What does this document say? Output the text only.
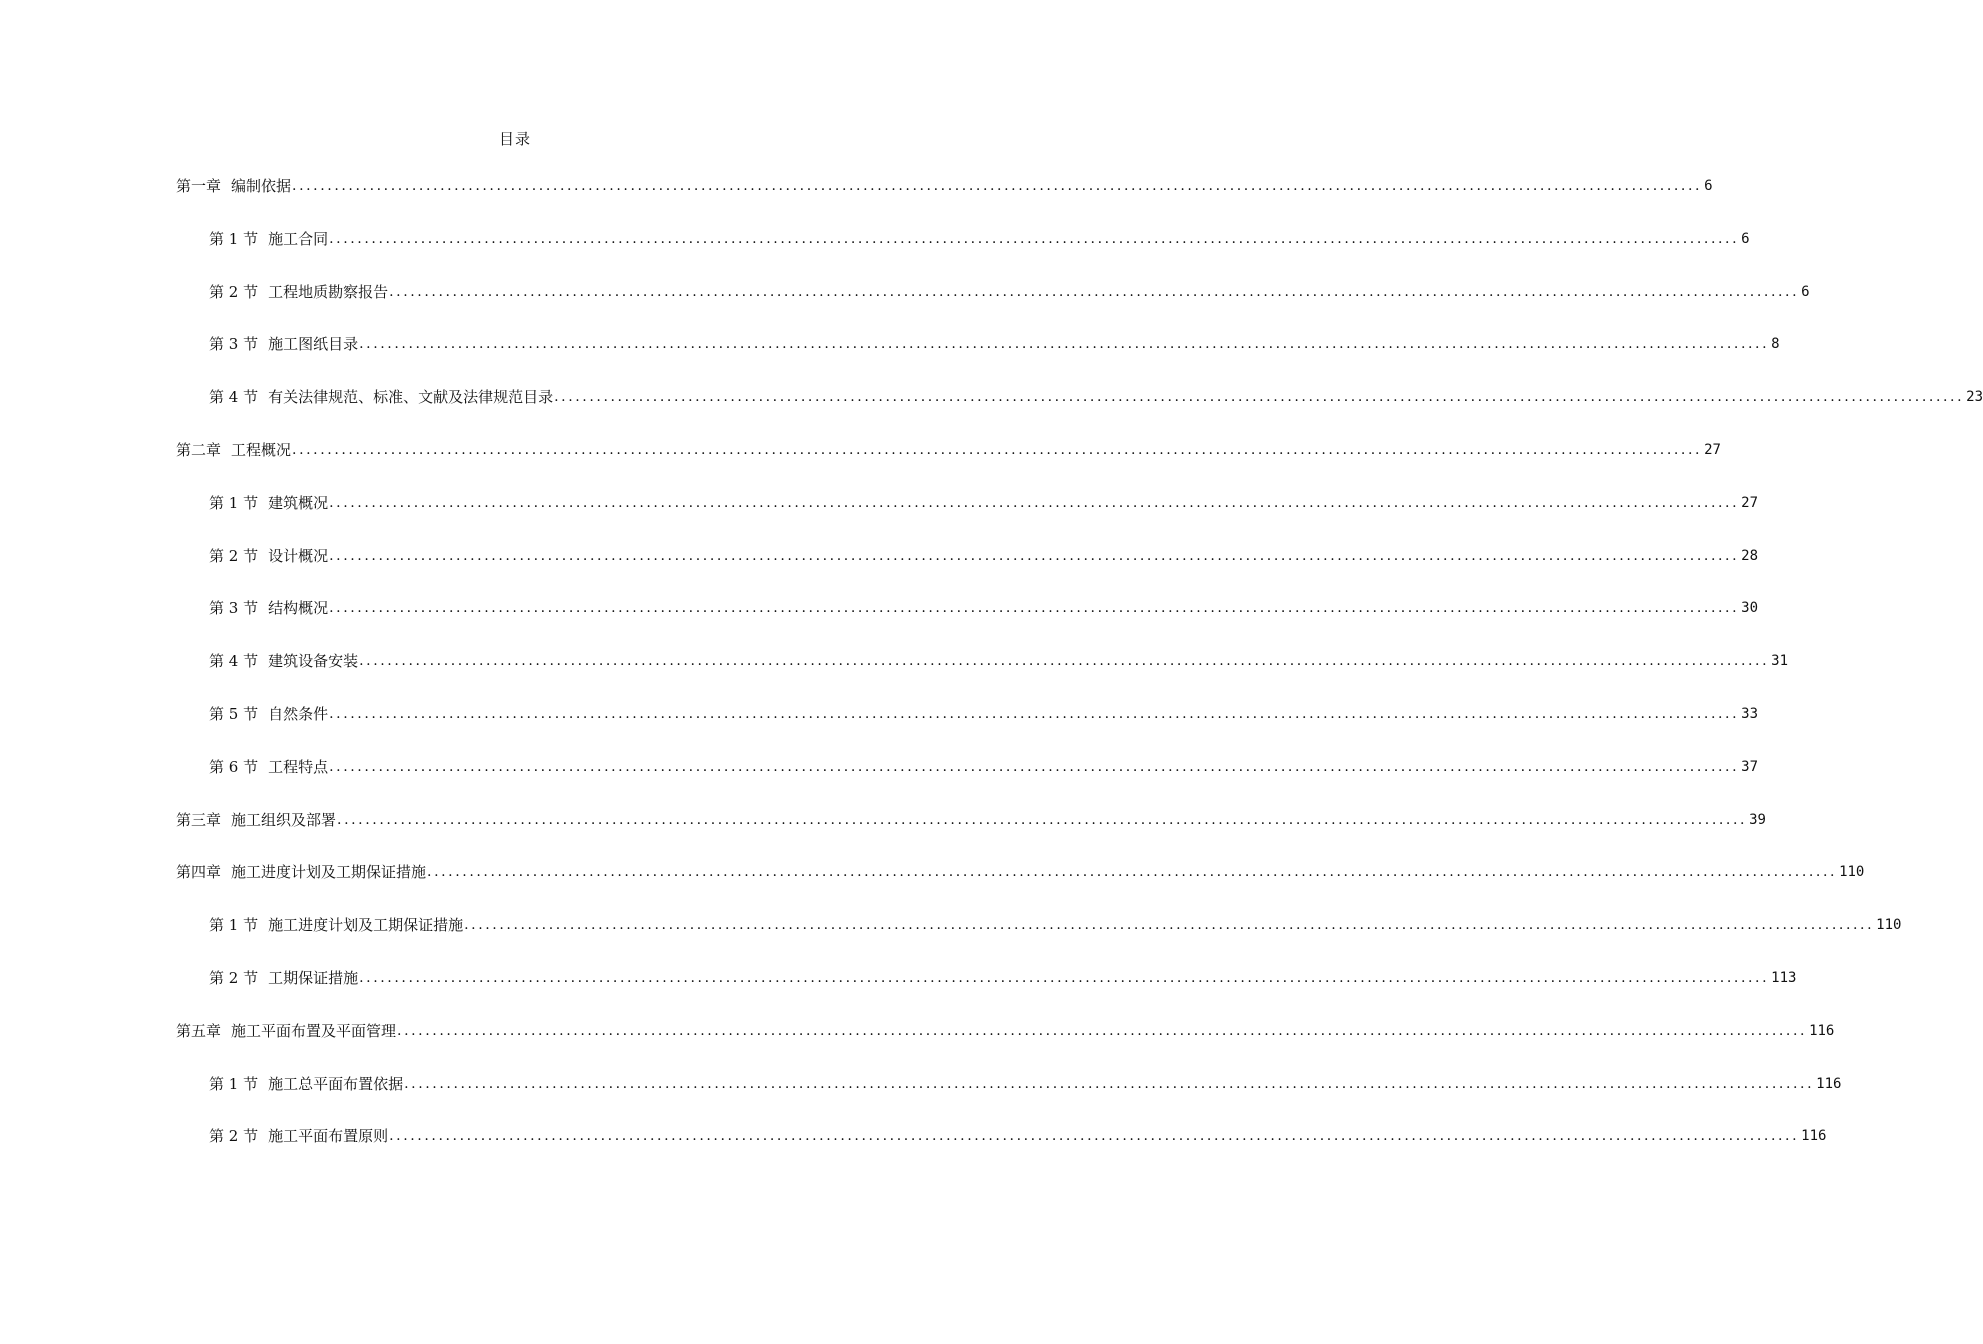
目录
第一章 编制依据 ........................................................................................................................................................................................................ 6
第 1 节 施工合同 ........................................................................................................................................................................................................ 6
第 2 节 工程地质勘察报告 ........................................................................................................................................................................................................ 6
第 3 节 施工图纸目录 ........................................................................................................................................................................................................ 8
第 4 节 有关法律规范、标准、文献及法律规范目录 ........................................................................................................................................................................................................ 23
第二章 工程概况 ........................................................................................................................................................................................................ 27
第 1 节 建筑概况 ........................................................................................................................................................................................................ 27
第 2 节 设计概况 ........................................................................................................................................................................................................ 28
第 3 节 结构概况 ........................................................................................................................................................................................................ 30
第 4 节 建筑设备安装 ........................................................................................................................................................................................................ 31
第 5 节 自然条件 ........................................................................................................................................................................................................ 33
第 6 节 工程特点 ........................................................................................................................................................................................................ 37
第三章 施工组织及部署 ........................................................................................................................................................................................................ 39
第四章 施工进度计划及工期保证措施 ........................................................................................................................................................................................................ 110
第 1 节 施工进度计划及工期保证措施 ........................................................................................................................................................................................................ 110
第 2 节 工期保证措施 ........................................................................................................................................................................................................ 113
第五章 施工平面布置及平面管理 ........................................................................................................................................................................................................ 116
第 1 节 施工总平面布置依据 ........................................................................................................................................................................................................ 116
第 2 节 施工平面布置原则 ........................................................................................................................................................................................................ 116
